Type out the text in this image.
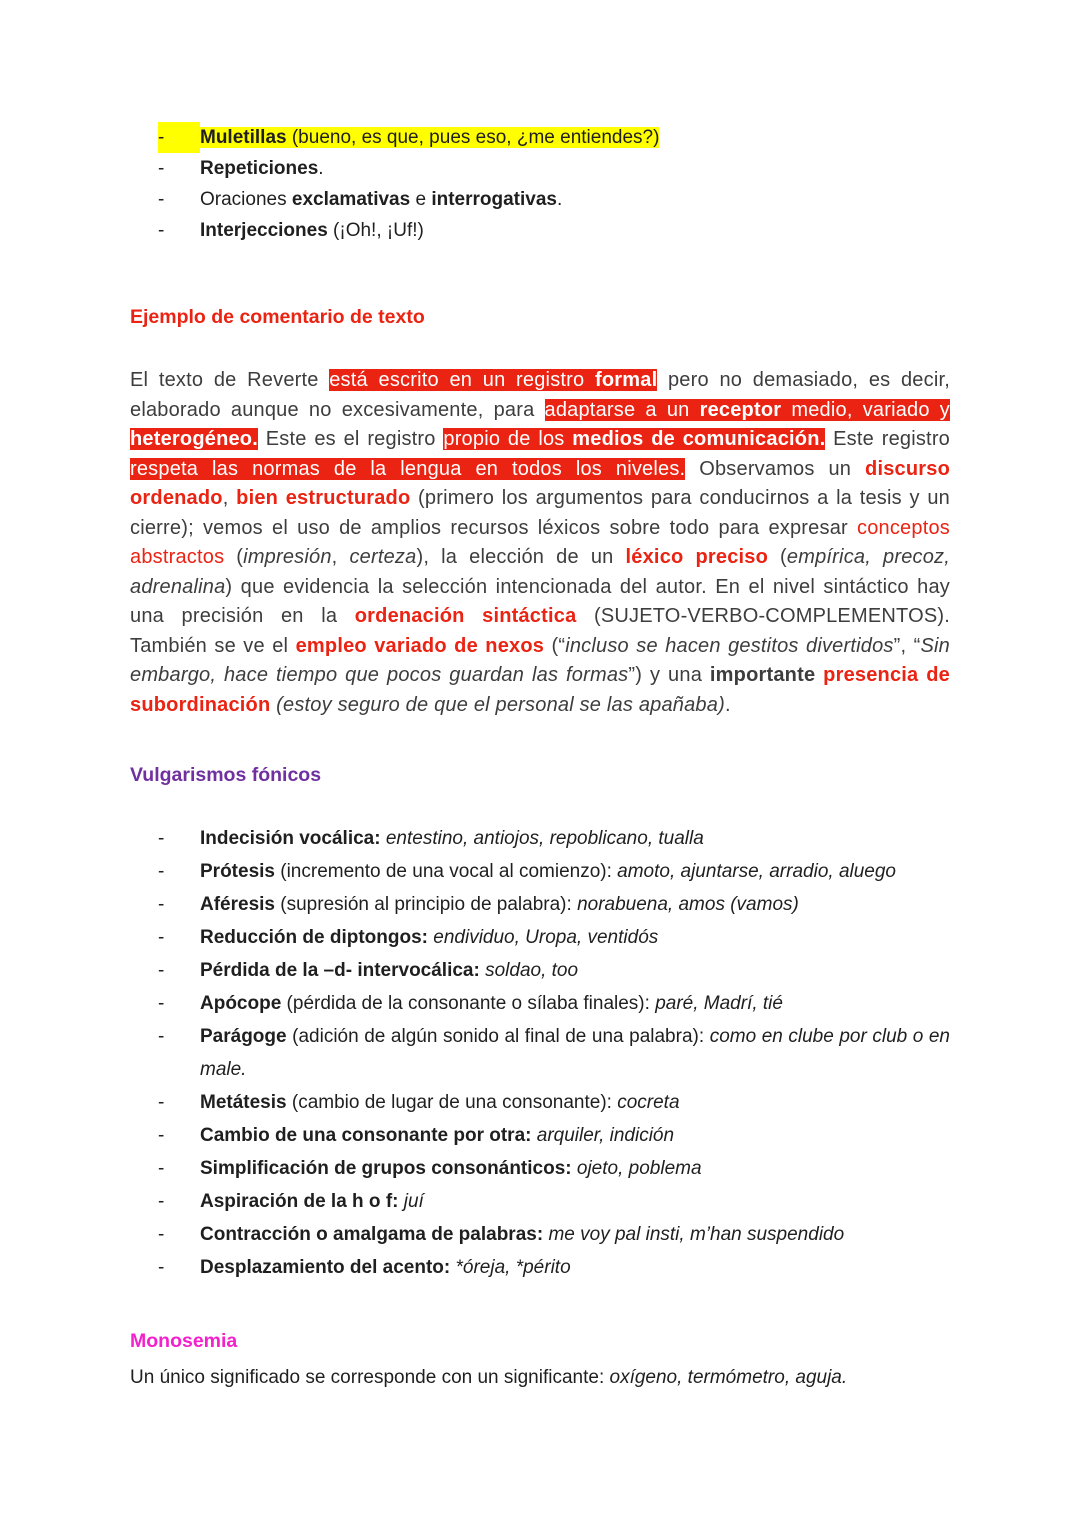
- Muletillas (bueno, es que, pues eso, ¿me entiendes?)
- Repeticiones.
- Oraciones exclamativas e interrogativas.
- Interjecciones (¡Oh!, ¡Uf!)
Ejemplo de comentario de texto

El texto de Reverte está escrito en un registro formal pero no demasiado, es decir, elaborado aunque no excesivamente, para adaptarse a un receptor medio, variado y heterogéneo. Este es el registro propio de los medios de comunicación. Este registro respeta las normas de la lengua en todos los niveles. Observamos un discurso ordenado, bien estructurado (primero los argumentos para conducirnos a la tesis y un cierre); vemos el uso de amplios recursos léxicos sobre todo para expresar conceptos abstractos (impresión, certeza), la elección de un léxico preciso (empírica, precoz, adrenalina) que evidencia la selección intencionada del autor. En el nivel sintáctico hay una precisión en la ordenación sintáctica (SUJETO-VERBO-COMPLEMENTOS). También se ve el empleo variado de nexos (“incluso se hacen gestitos divertidos”, “Sin embargo, hace tiempo que pocos guardan las formas”) y una importante presencia de subordinación (estoy seguro de que el personal se las apañaba).

Vulgarismos fónicos
- Indecisión vocálica: entestino, antiojos, repoblicano, tualla
- Prótesis (incremento de una vocal al comienzo): amoto, ajuntarse, arradio, aluego
- Aféresis (supresión al principio de palabra): norabuena, amos (vamos)
- Reducción de diptongos: endividuo, Uropa, ventidós
- Pérdida de la –d- intervocálica: soldao, too
- Apócope (pérdida de la consonante o sílaba finales): paré, Madrí, tié
- Parágoge (adición de algún sonido al final de una palabra): como en clube por club o en male.
- Metátesis (cambio de lugar de una consonante): cocreta
- Cambio de una consonante por otra: arquiler, indición
- Simplificación de grupos consonánticos: ojeto, poblema
- Aspiración de la h o f: juí
- Contracción o amalgama de palabras: me voy pal insti, m’han suspendido
- Desplazamiento del acento: *óreja, *périto
Monosemia

Un único significado se corresponde con un significante: oxígeno, termómetro, aguja.
